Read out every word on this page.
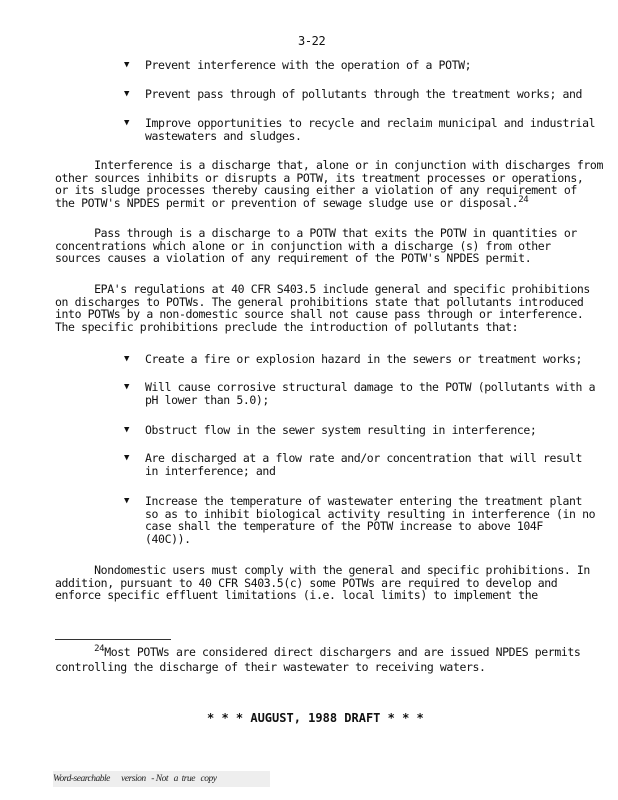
3-22
▼ Prevent interference with the operation of a POTW;
▼ Prevent pass through of pollutants through the treatment works; and
▼ Improve opportunities to recycle and reclaim municipal and industrial
wastewaters and sludges.
Interference is a discharge that, alone or in conjunction with discharges from
other sources inhibits or disrupts a POTW, its treatment processes or operations,
or its sludge processes thereby causing either a violation of any requirement of
the POTW's NPDES permit or prevention of sewage sludge use or disposal.$^{24}$
Pass through is a discharge to a POTW that exits the POTW in quantities or
concentrations which alone or in conjunction with a discharge (s) from other
sources causes a violation of any requirement of the POTW's NPDES permit.
EPA's regulations at 40 CFR S403.5 include general and specific prohibitions
on discharges to POTWs. The general prohibitions state that pollutants introduced
into POTWs by a non-domestic source shall not cause pass through or interference.
The specific prohibitions preclude the introduction of pollutants that:
▼ Create a fire or explosion hazard in the sewers or treatment works;
▼ Will cause corrosive structural damage to the POTW (pollutants with a
pH lower than 5.0);
▼ Obstruct flow in the sewer system resulting in interference;
▼ Are discharged at a flow rate and/or concentration that will result
in interference; and
▼ Increase the temperature of wastewater entering the treatment plant
so as to inhibit biological activity resulting in interference (in no
case shall the temperature of the POTW increase to above 104F
(40C)).
Nondomestic users must comply with the general and specific prohibitions. In
addition, pursuant to 40 CFR S403.5(c) some POTWs are required to develop and
enforce specific effluent limitations (i.e. local limits) to implement the
$^{24}$Most POTWs are considered direct dischargers and are issued NPDES permits
controlling the discharge of their wastewater to receiving waters.
* * * AUGUST, 1988 DRAFT * * *
Word-searchable      version   - Not   a  true   copy
